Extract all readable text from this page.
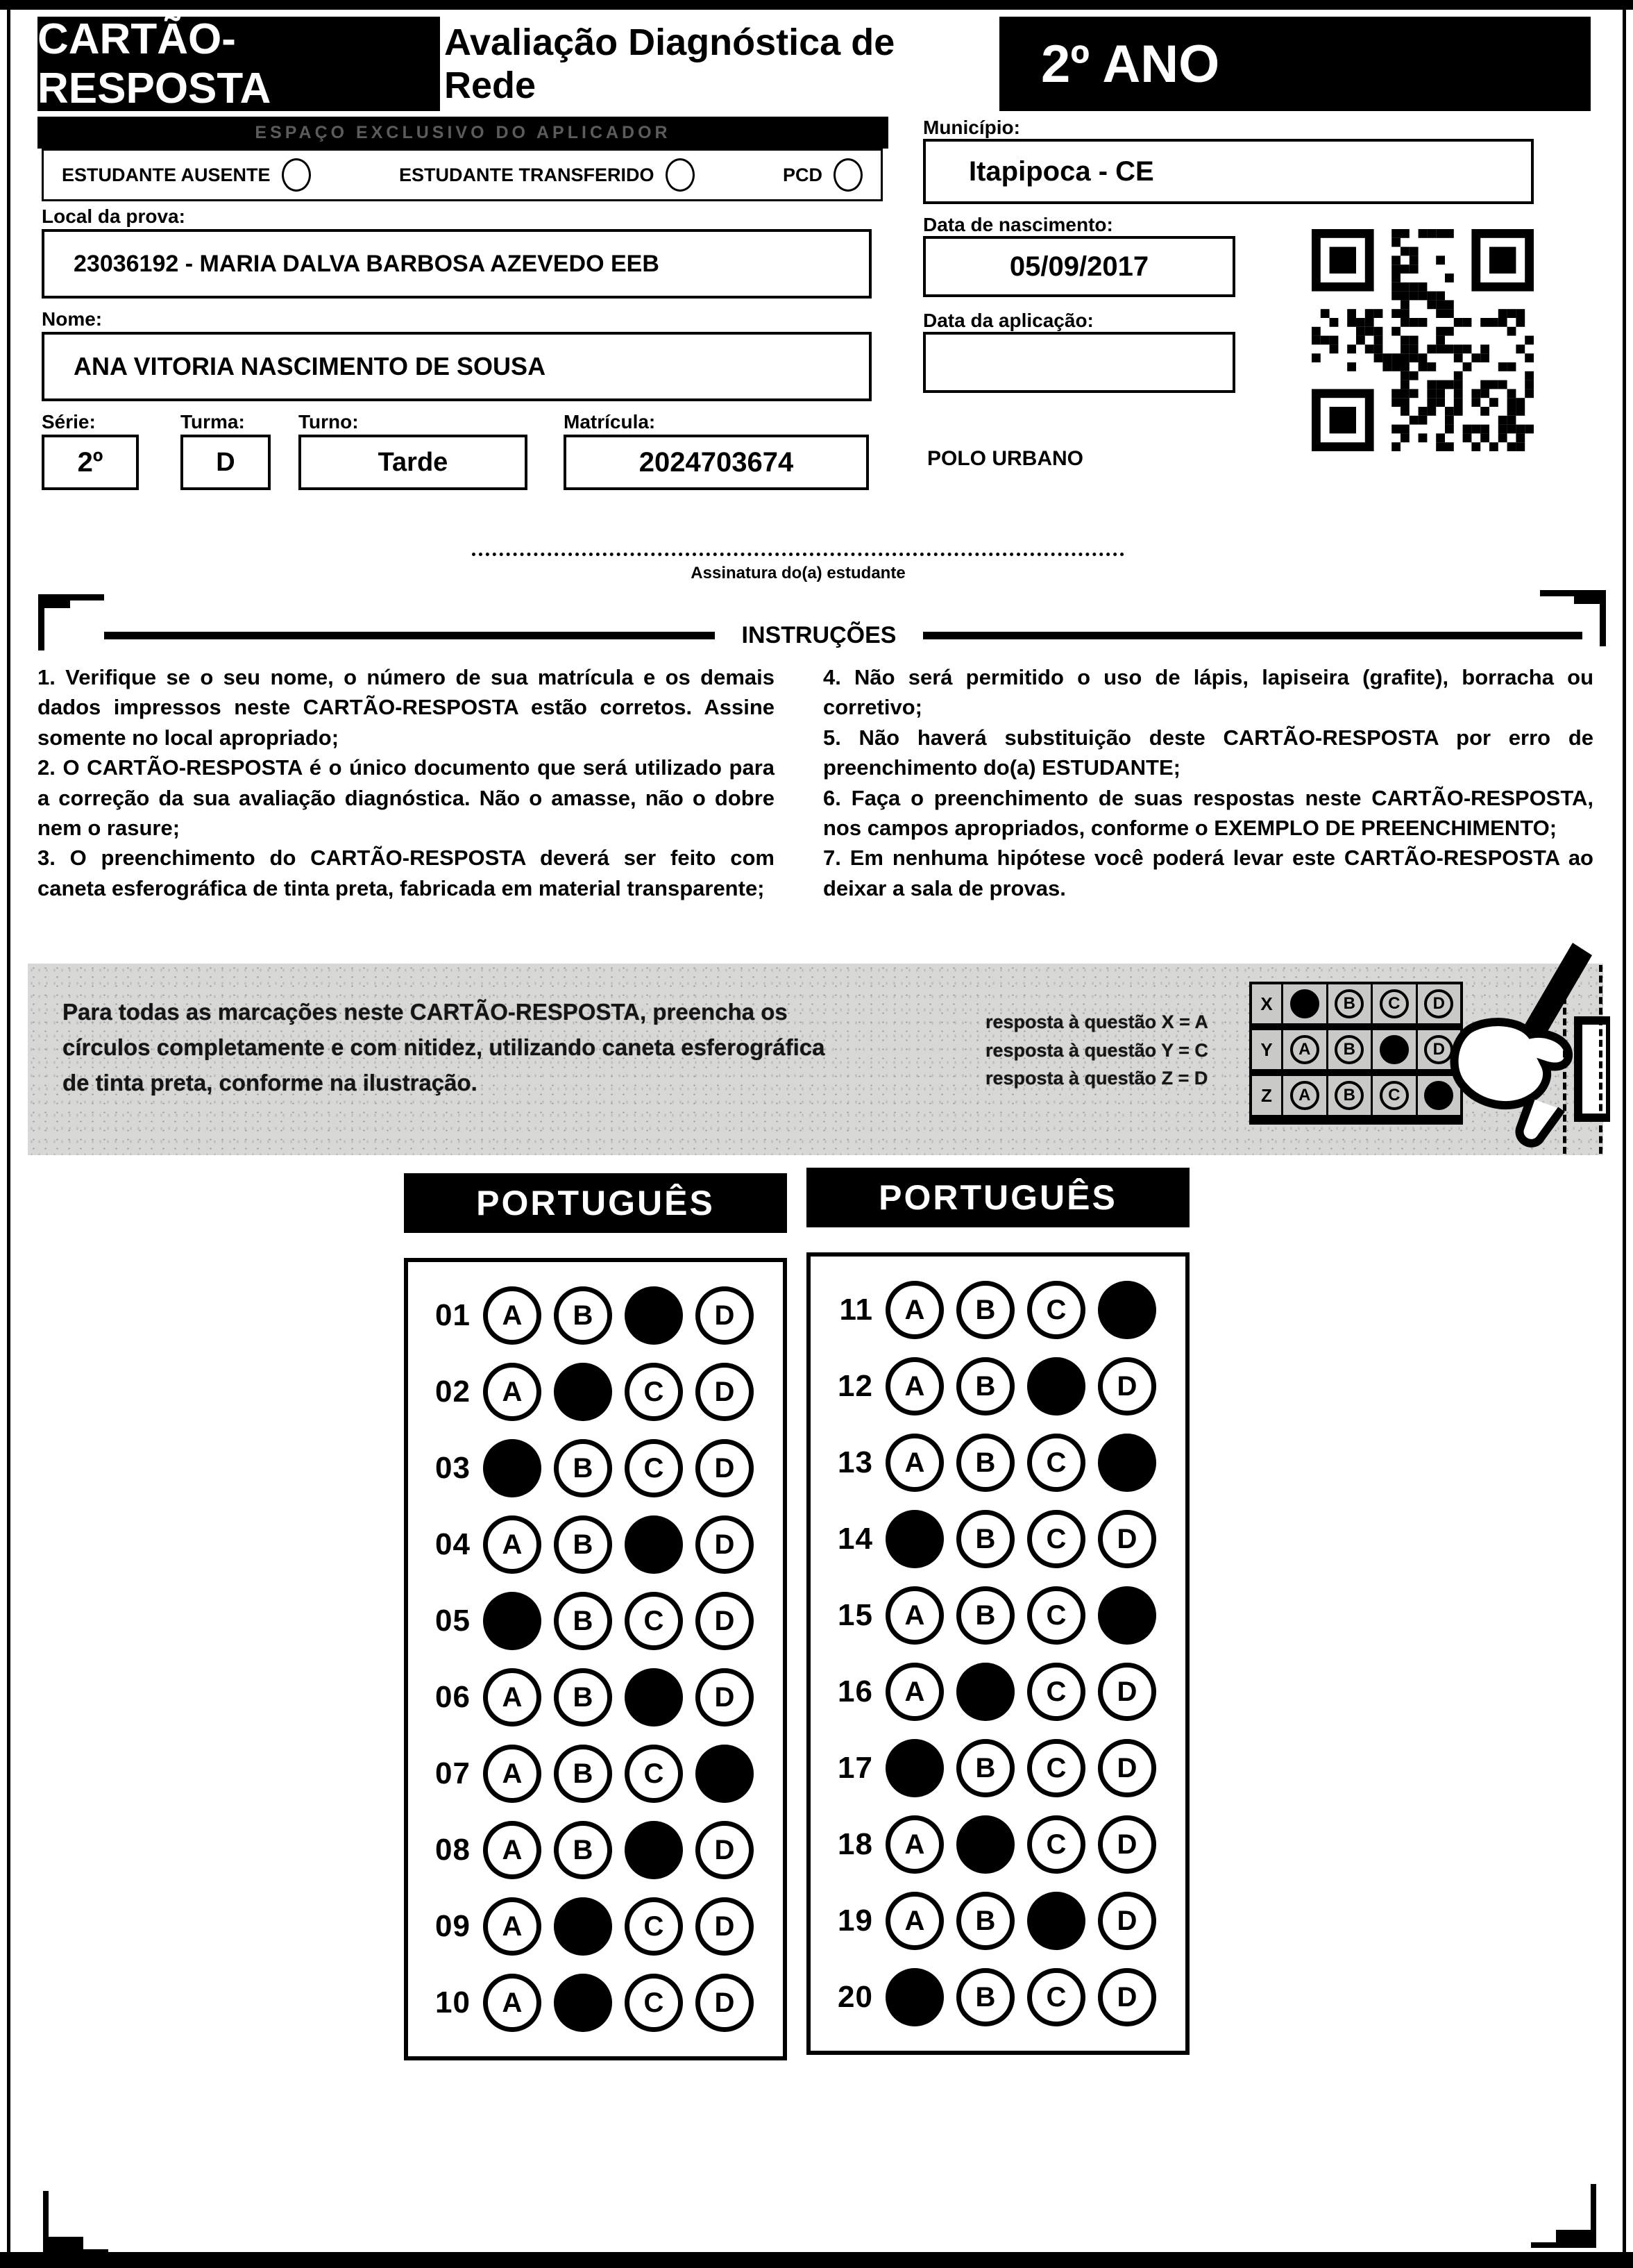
CARTÃO-RESPOSTA
Avaliação Diagnóstica de Rede	2º ANO
ESPAÇO EXCLUSIVO DO APLICADOR
ESTUDANTE AUSENTE	ESTUDANTE TRANSFERIDO	PCD
Local da prova:
23036192 - MARIA DALVA BARBOSA AZEVEDO EEB
Nome:
ANA VITORIA NASCIMENTO DE SOUSA
Série:
2º
Turma:
D
Turno:
Tarde
Matrícula:
2024703674
Município:
Itapipoca - CE
Data de nascimento:
05/09/2017
Data da aplicação:
POLO URBANO
Assinatura do(a) estudante
INSTRUÇÕES

1. Verifique se o seu nome, o número de sua matrícula e os demais dados impressos neste CARTÃO-RESPOSTA estão corretos. Assine somente no local apropriado;

2. O CARTÃO-RESPOSTA é o único documento que será utilizado para a correção da sua avaliação diagnóstica. Não o amasse, não o dobre nem o rasure;

3. O preenchimento do CARTÃO-RESPOSTA deverá ser feito com caneta esferográfica de tinta preta, fabricada em material transparente;

4. Não será permitido o uso de lápis, lapiseira (grafite), borracha ou corretivo;

5. Não haverá substituição deste CARTÃO-RESPOSTA por erro de preenchimento do(a) ESTUDANTE;

6. Faça o preenchimento de suas respostas neste CARTÃO-RESPOSTA, nos campos apropriados, conforme o EXEMPLO DE PREENCHIMENTO;

7. Em nenhuma hipótese você poderá levar este CARTÃO-RESPOSTA ao deixar a sala de provas.

Para todas as marcações neste CARTÃO-RESPOSTA, preencha os círculos completamente e com nitidez, utilizando caneta esferográfica de tinta preta, conforme na ilustração.
resposta à questão X = A
resposta à questão Y = C
resposta à questão Z = D
X	B	C	D
Y	A	B	D
Z	A	B	C
PORTUGUÊS
01 A B	D
02 A	C D
03	B C D
04 A B	D
05	B C D
06 A B	D
07 A B C
08 A B	D
09 A	C D
10 A	C D
PORTUGUÊS
11 A B C
12 A B	D
13 A B C
14	B C D
15 A B C
16 A	C D
17	B C D
18 A	C D
19 A B	D
20	B C D
